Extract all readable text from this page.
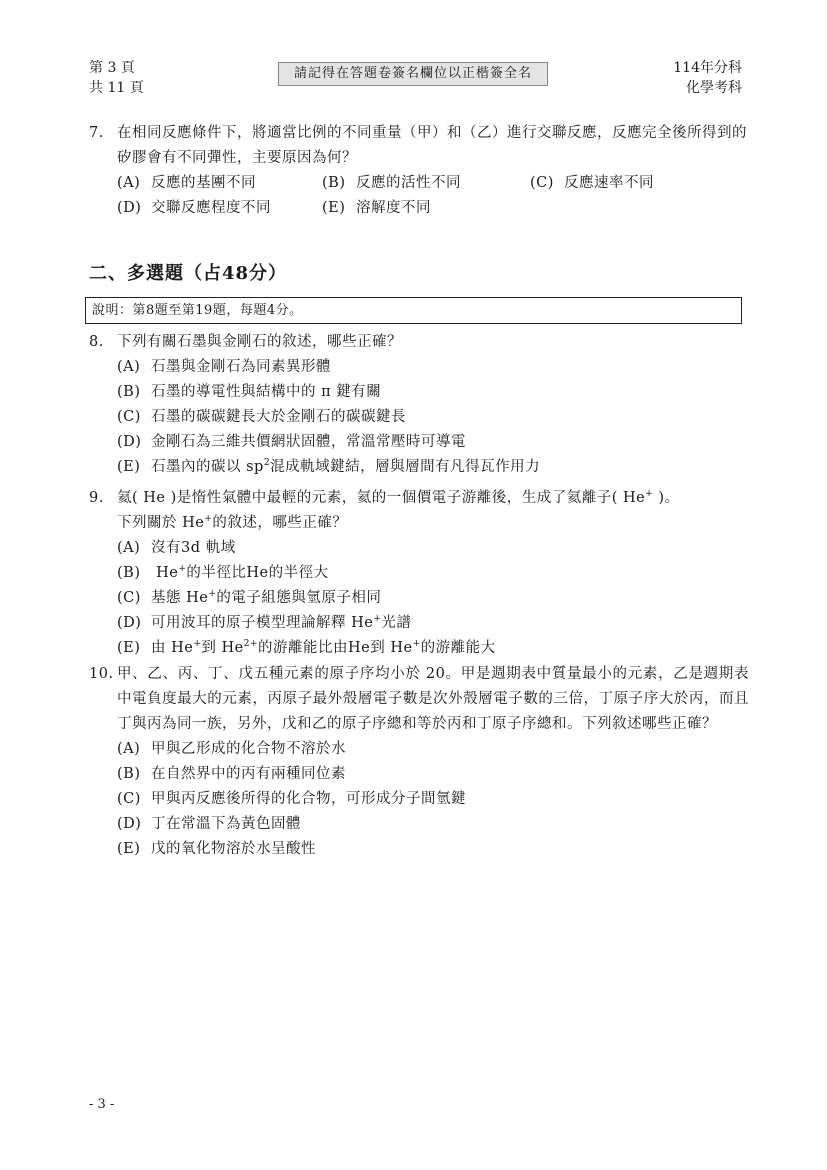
第 3 頁
共 11 頁
請記得在答題卷簽名欄位以正楷簽全名	114年分科
化學考科
7. 在相同反應條件下，將適當比例的不同重量（甲）和（乙）進行交聯反應，反應完全後所得到的矽膠會有不同彈性，主要原因為何？
(A) 反應的基團不同	(B) 反應的活性不同	(C) 反應速率不同
(D) 交聯反應程度不同	(E) 溶解度不同
二、多選題（占48分）
說明：第8題至第19題，每題4分。
8. 下列有關石墨與金剛石的敘述，哪些正確？
(A) 石墨與金剛石為同素異形體
(B) 石墨的導電性與結構中的 π 鍵有關
(C) 石墨的碳碳鍵長大於金剛石的碳碳鍵長
(D) 金剛石為三維共價網狀固體，常溫常壓時可導電
(E) 石墨內的碳以 $sp^2$混成軌域鍵結，層與層間有凡得瓦作用力
9. 氦( He )是惰性氣體中最輕的元素，氦的一個價電子游離後，生成了氦離子( He+ )。
下列關於 He+的敘述，哪些正確？
(A) 沒有3d 軌域
(B) He+的半徑比He的半徑大
(C) 基態 He+的電子組態與氫原子相同
(D) 可用波耳的原子模型理論解釋 He+光譜
(E) 由 He+到 $He^{2+}$的游離能比由He到 He+的游離能大
10. 甲、乙、丙、丁、戊五種元素的原子序均小於 20。甲是週期表中質量最小的元素，乙是週期表中電負度最大的元素，丙原子最外殼層電子數是次外殼層電子數的三倍，丁原子序大於丙，而且丁與丙為同一族，另外，戊和乙的原子序總和等於丙和丁原子序總和。下列敘述哪些正確？
(A) 甲與乙形成的化合物不溶於水
(B) 在自然界中的丙有兩種同位素
(C) 甲與丙反應後所得的化合物，可形成分子間氫鍵
(D) 丁在常溫下為黃色固體
(E) 戊的氧化物溶於水呈酸性
- 3 -
